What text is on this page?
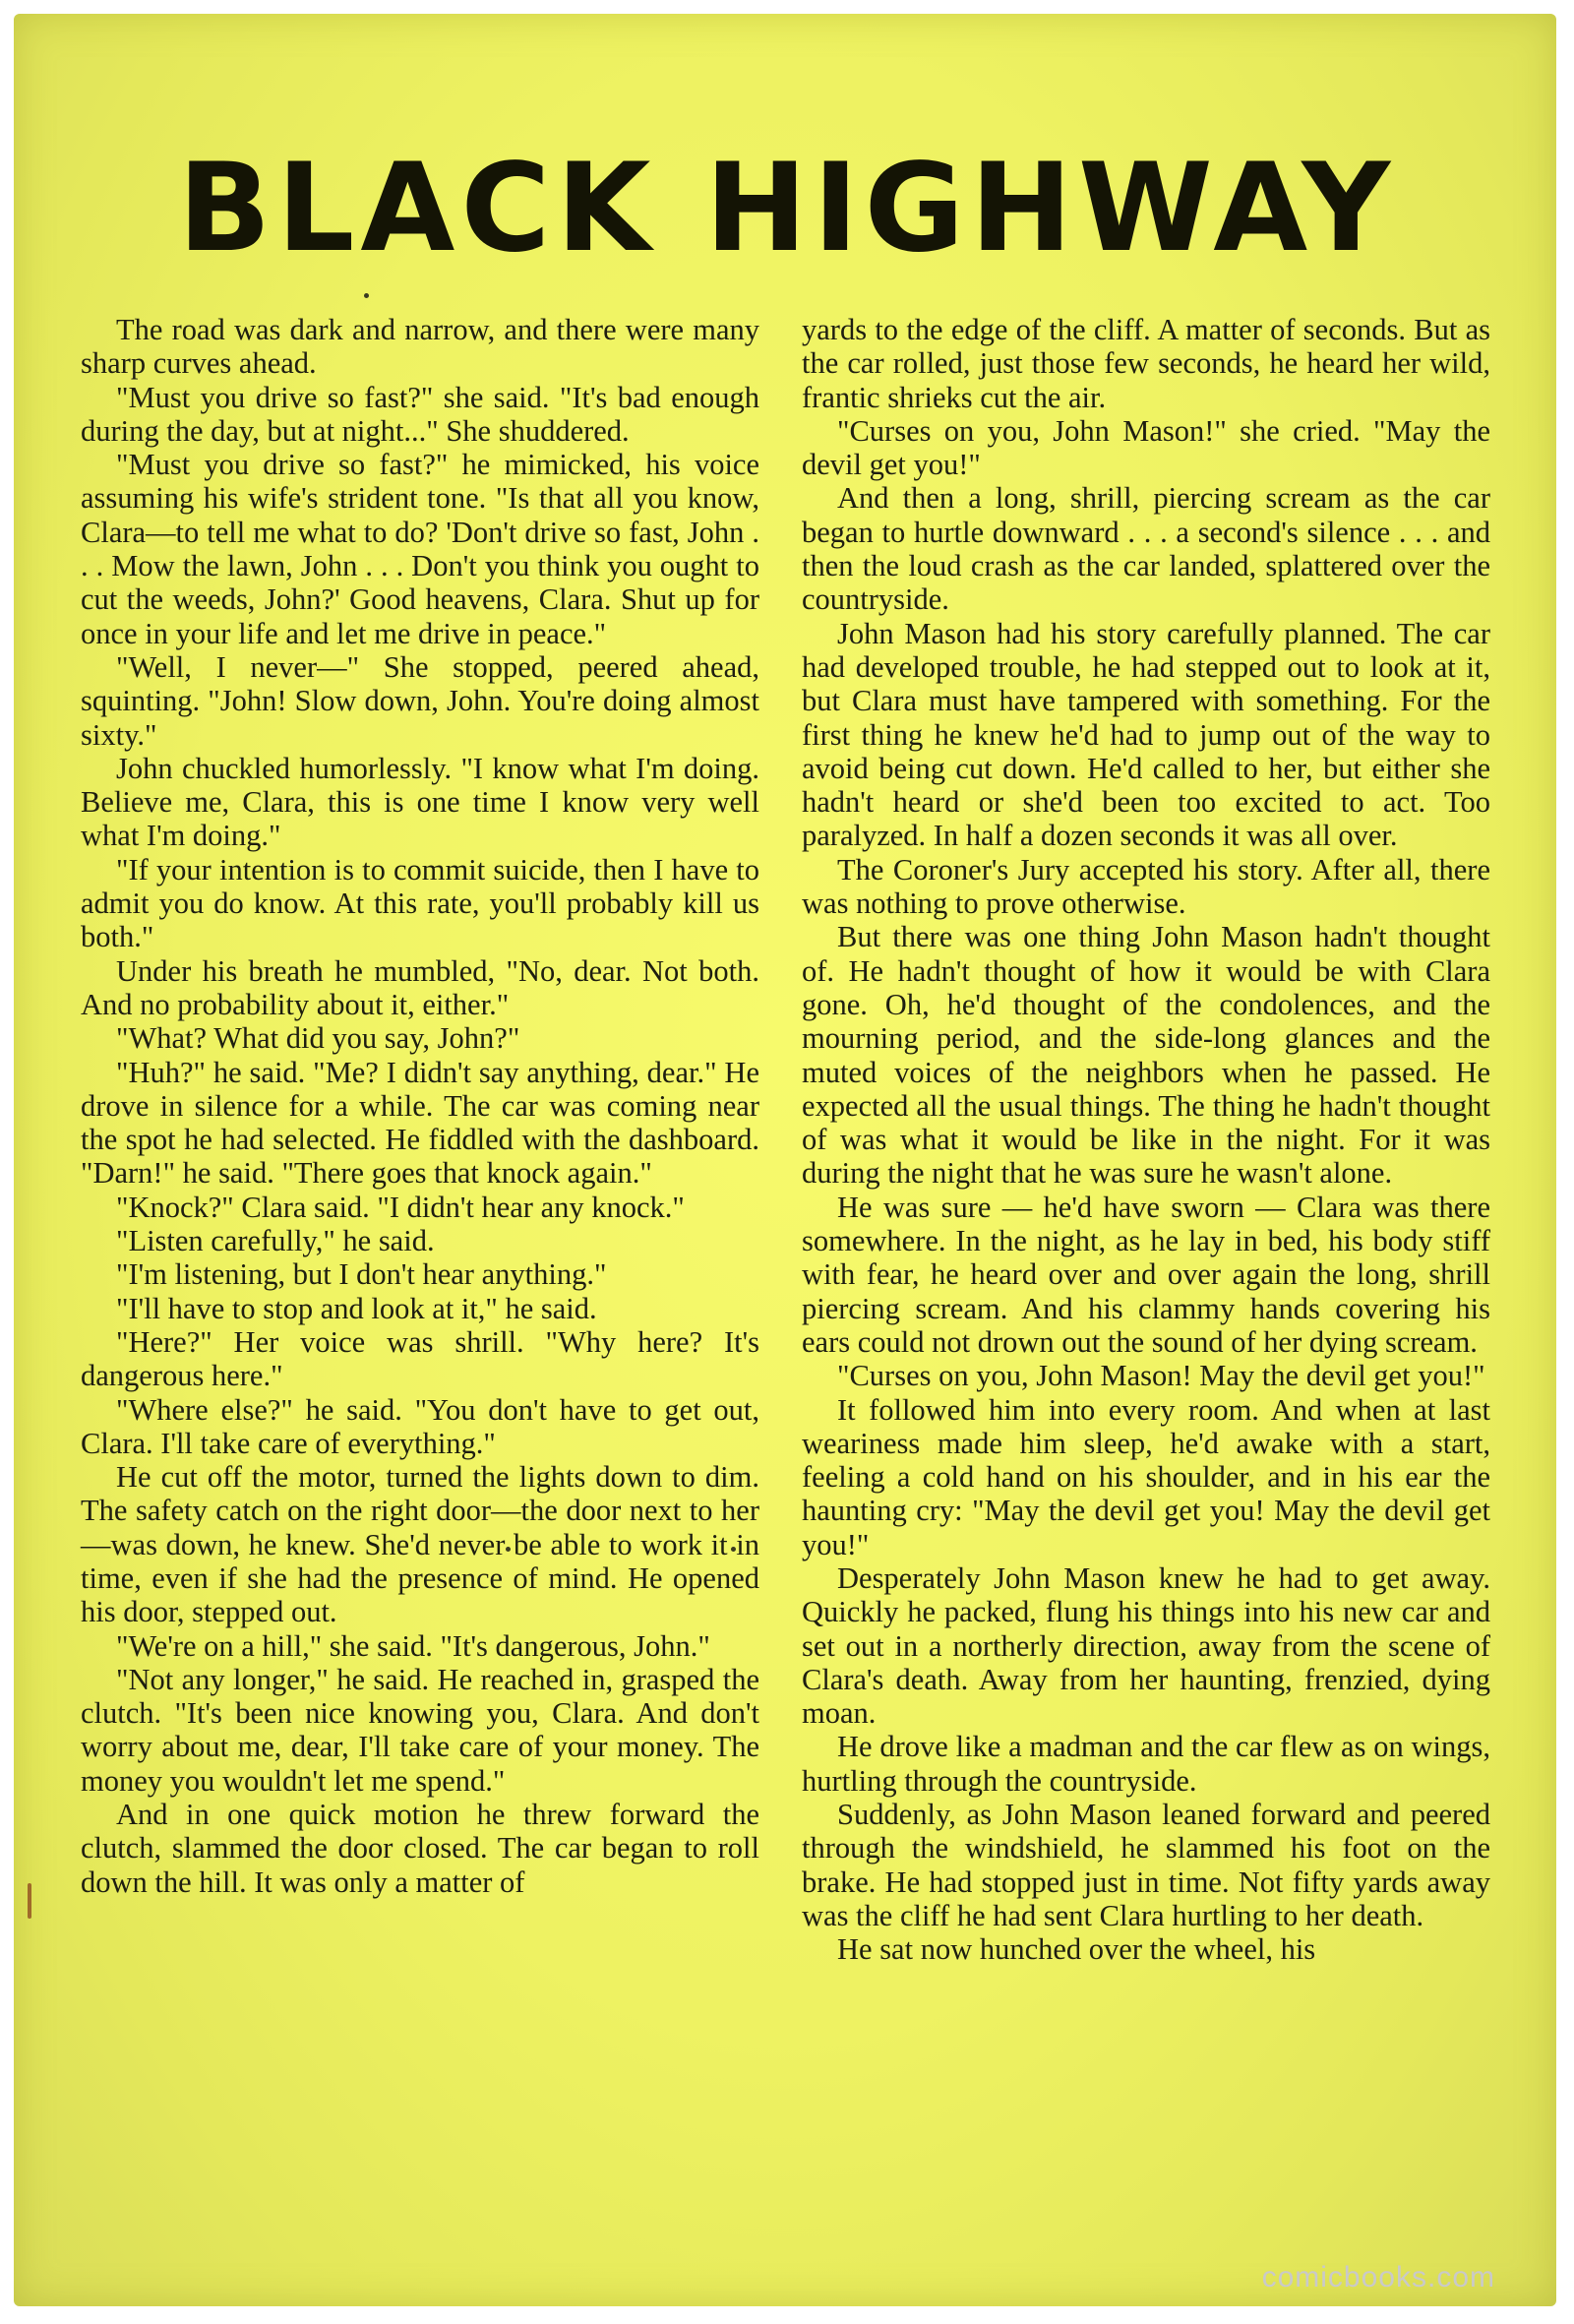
BLACK HIGHWAY

The road was dark and narrow, and there were many sharp curves ahead.

"Must you drive so fast?" she said. "It's bad enough during the day, but at night..." She shuddered.

"Must you drive so fast?" he mimicked, his voice assuming his wife's strident tone. "Is that all you know, Clara—to tell me what to do? 'Don't drive so fast, John . . . Mow the lawn, John . . . Don't you think you ought to cut the weeds, John?' Good heavens, Clara. Shut up for once in your life and let me drive in peace."

"Well, I never—" She stopped, peered ahead, squinting. "John! Slow down, John. You're doing almost sixty."

John chuckled humorlessly. "I know what I'm doing. Believe me, Clara, this is one time I know very well what I'm doing."

"If your intention is to commit suicide, then I have to admit you do know. At this rate, you'll probably kill us both."

Under his breath he mumbled, "No, dear. Not both. And no probability about it, either."

"What? What did you say, John?"

"Huh?" he said. "Me? I didn't say anything, dear." He drove in silence for a while. The car was coming near the spot he had selected. He fiddled with the dashboard. "Darn!" he said. "There goes that knock again."

"Knock?" Clara said. "I didn't hear any knock."

"Listen carefully," he said.

"I'm listening, but I don't hear anything."

"I'll have to stop and look at it," he said.

"Here?" Her voice was shrill. "Why here? It's dangerous here."

"Where else?" he said. "You don't have to get out, Clara. I'll take care of everything."

He cut off the motor, turned the lights down to dim. The safety catch on the right door—the door next to her—was down, he knew. She'd never be able to work it in time, even if she had the presence of mind. He opened his door, stepped out.

"We're on a hill," she said. "It's dangerous, John."

"Not any longer," he said. He reached in, grasped the clutch. "It's been nice knowing you, Clara. And don't worry about me, dear, I'll take care of your money. The money you wouldn't let me spend."

And in one quick motion he threw forward the clutch, slammed the door closed. The car began to roll down the hill. It was only a matter of

yards to the edge of the cliff. A matter of seconds. But as the car rolled, just those few seconds, he heard her wild, frantic shrieks cut the air.

"Curses on you, John Mason!" she cried. "May the devil get you!"

And then a long, shrill, piercing scream as the car began to hurtle downward . . . a second's silence . . . and then the loud crash as the car landed, splattered over the countryside.

John Mason had his story carefully planned. The car had developed trouble, he had stepped out to look at it, but Clara must have tampered with something. For the first thing he knew he'd had to jump out of the way to avoid being cut down. He'd called to her, but either she hadn't heard or she'd been too excited to act. Too paralyzed. In half a dozen seconds it was all over.

The Coroner's Jury accepted his story. After all, there was nothing to prove otherwise.

But there was one thing John Mason hadn't thought of. He hadn't thought of how it would be with Clara gone. Oh, he'd thought of the condolences, and the mourning period, and the side-long glances and the muted voices of the neighbors when he passed. He expected all the usual things. The thing he hadn't thought of was what it would be like in the night. For it was during the night that he was sure he wasn't alone.

He was sure — he'd have sworn — Clara was there somewhere. In the night, as he lay in bed, his body stiff with fear, he heard over and over again the long, shrill piercing scream. And his clammy hands covering his ears could not drown out the sound of her dying scream.

"Curses on you, John Mason! May the devil get you!"

It followed him into every room. And when at last weariness made him sleep, he'd awake with a start, feeling a cold hand on his shoulder, and in his ear the haunting cry: "May the devil get you! May the devil get you!"

Desperately John Mason knew he had to get away. Quickly he packed, flung his things into his new car and set out in a northerly direction, away from the scene of Clara's death. Away from her haunting, frenzied, dying moan.

He drove like a madman and the car flew as on wings, hurtling through the countryside.

Suddenly, as John Mason leaned forward and peered through the windshield, he slammed his foot on the brake. He had stopped just in time. Not fifty yards away was the cliff he had sent Clara hurtling to her death.

He sat now hunched over the wheel, his

comicbooks.com
